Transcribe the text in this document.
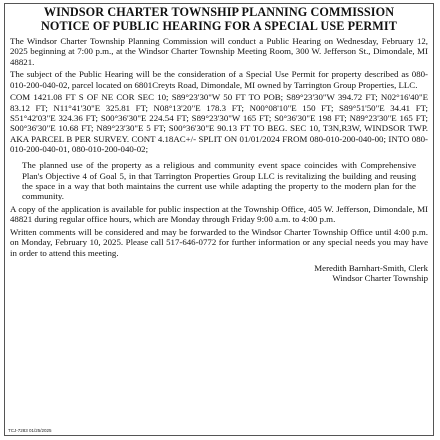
WINDSOR CHARTER TOWNSHIP PLANNING COMMISSION

NOTICE OF PUBLIC HEARING FOR A SPECIAL USE PERMIT

The Windsor Charter Township Planning Commission will conduct a Public Hearing on Wednesday, February 12, 2025 beginning at 7:00 p.m., at the Windsor Charter Township Meeting Room, 300 W. Jefferson St., Dimondale, MI 48821.

The subject of the Public Hearing will be the consideration of a Special Use Permit for property described as 080-010-200-040-02, parcel located on 6801Creyts Road, Dimondale, MI owned by Tarrington Group Properties, LLC.

COM 1421.08 FT S OF NE COR SEC 10; S89°23'30"W 50 FT TO POB; S89°23'30"W 394.72 FT; N02°16'40"E 83.12 FT; N11°41'30"E 325.81 FT; N08°13'20"E 178.3 FT; N00°08'10"E 150 FT; S89°51'50"E 34.41 FT; S51°42'03"E 324.36 FT; S00°36'30"E 224.54 FT; S89°23'30"W 165 FT; S0°36'30"E 198 FT; N89°23'30"E 165 FT; S00°36'30"E 10.68 FT; N89°23'30"E 5 FT; S00°36'30"E 90.13 FT TO BEG. SEC 10, T3N,R3W, WINDSOR TWP. AKA PARCEL B PER SURVEY. CONT 4.18AC+/- SPLIT ON 01/01/2024 FROM 080-010-200-040-00; INTO 080-010-200-040-01, 080-010-200-040-02;

The planned use of the property as a religious and community event space coincides with Comprehensive Plan's Objective 4 of Goal 5, in that Tarrington Properties Group LLC is revitalizing the building and reusing the space in a way that both maintains the current use while adapting the property to the modern plan for the community.

A copy of the application is available for public inspection at the Township Office, 405 W. Jefferson, Dimondale, MI 48821 during regular office hours, which are Monday through Friday 9:00 a.m. to 4:00 p.m.

Written comments will be considered and may be forwarded to the Windsor Charter Township Office until 4:00 p.m. on Monday, February 10, 2025. Please call 517-646-0772 for further information or any special needs you may have in order to attend this meeting.

Meredith Barnhart-Smith, Clerk

Windsor Charter Township

TCJ-7283 01/25/2025
